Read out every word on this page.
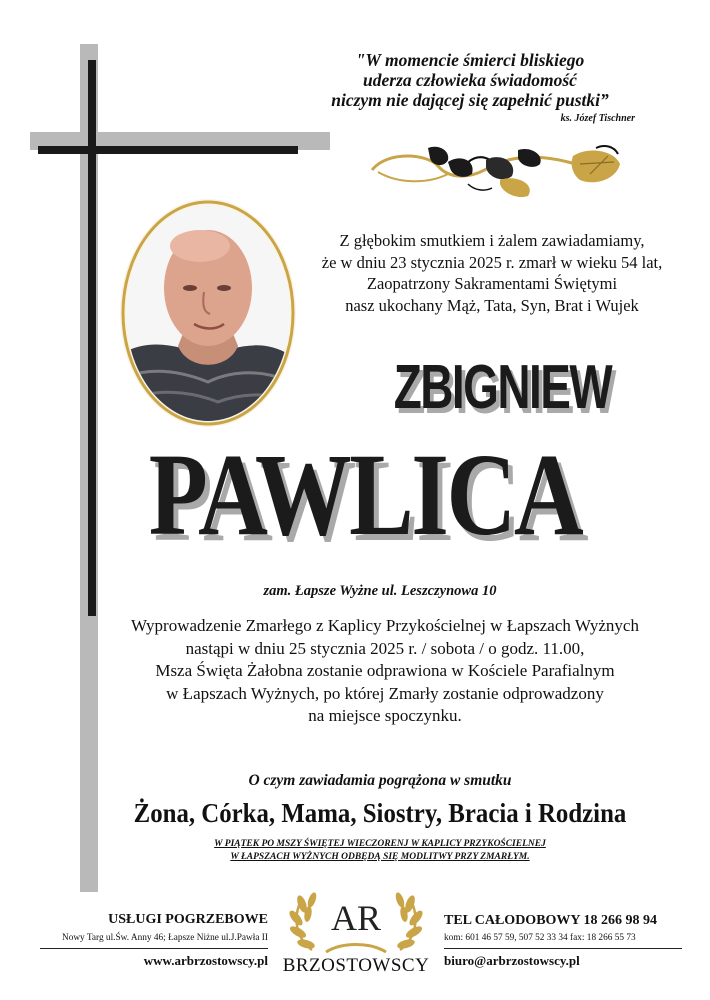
"W momencie śmierci bliskiego
uderza człowieka świadomość
niczym nie dającej się zapełnić pustki”
ks. Józef Tischner
Z głębokim smutkiem i żalem zawiadamiamy,
że w dniu 23 stycznia 2025 r. zmarł w wieku 54 lat,
Zaopatrzony Sakramentami Świętymi
nasz ukochany Mąż, Tata, Syn, Brat i Wujek
ZBIGNIEW
PAWLICA
zam. Łapsze Wyżne ul. Leszczynowa 10
Wyprowadzenie Zmarłego z Kaplicy Przykościelnej w Łapszach Wyżnych
nastąpi w dniu 25 stycznia 2025 r. / sobota / o godz. 11.00,
Msza Święta Żałobna zostanie odprawiona w Kościele Parafialnym
w Łapszach Wyżnych, po której Zmarły zostanie odprowadzony
na miejsce spoczynku.
O czym zawiadamia pogrążona w smutku
Żona, Córka, Mama, Siostry, Bracia i Rodzina
W PIĄTEK PO MSZY ŚWIĘTEJ WIECZORENJ W KAPLICY PRZYKOŚCIELNEJ
W ŁAPSZACH WYŻNYCH ODBĘDĄ SIĘ MODLITWY PRZY ZMARŁYM.
USŁUGI POGRZEBOWE
Nowy Targ ul.Św. Anny 46; Łapsze Niżne ul.J.Pawła II
www.arbrzostowscy.pl
AR
BRZOSTOWSCY
TEL CAŁODOBOWY 18 266 98 94
kom: 601 46 57 59, 507 52 33 34 fax: 18 266 55 73
biuro@arbrzostowscy.pl
